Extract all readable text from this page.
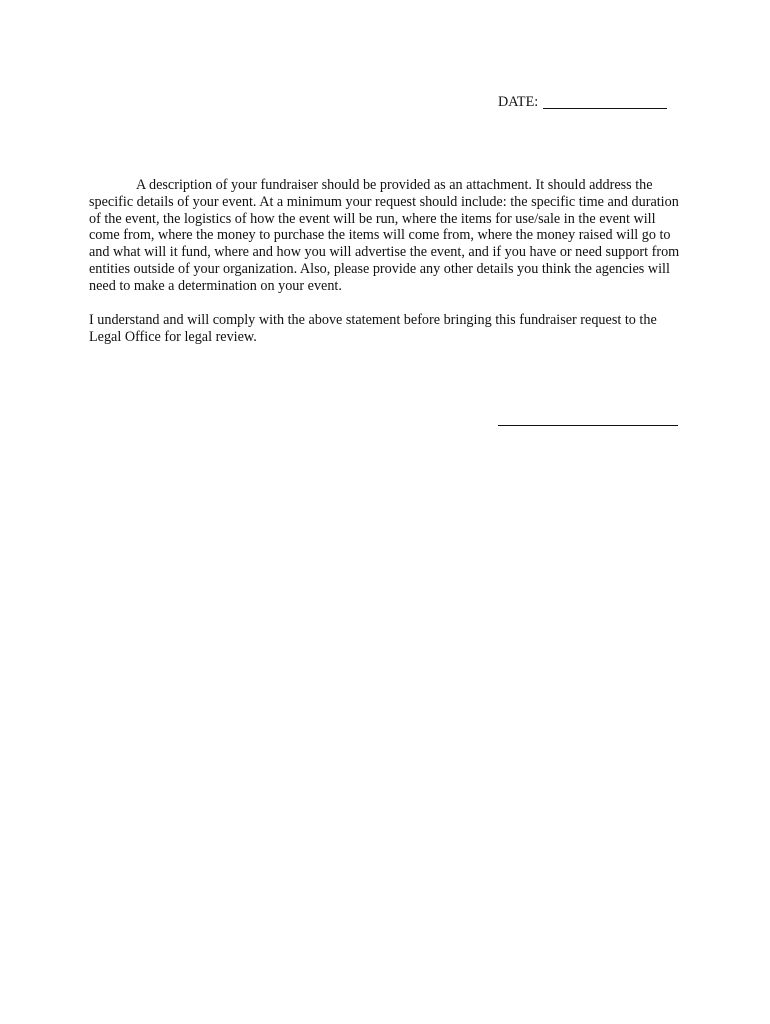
DATE:

A description of your fundraiser should be provided as an attachment. It should address the specific details of your event. At a minimum your request should include: the specific time and duration of the event, the logistics of how the event will be run, where the items for use/sale in the event will come from, where the money to purchase the items will come from, where the money raised will go to and what will it fund, where and how you will advertise the event, and if you have or need support from entities outside of your organization. Also, please provide any other details you think the agencies will need to make a determination on your event.

I understand and will comply with the above statement before bringing this fundraiser request to the Legal Office for legal review.
